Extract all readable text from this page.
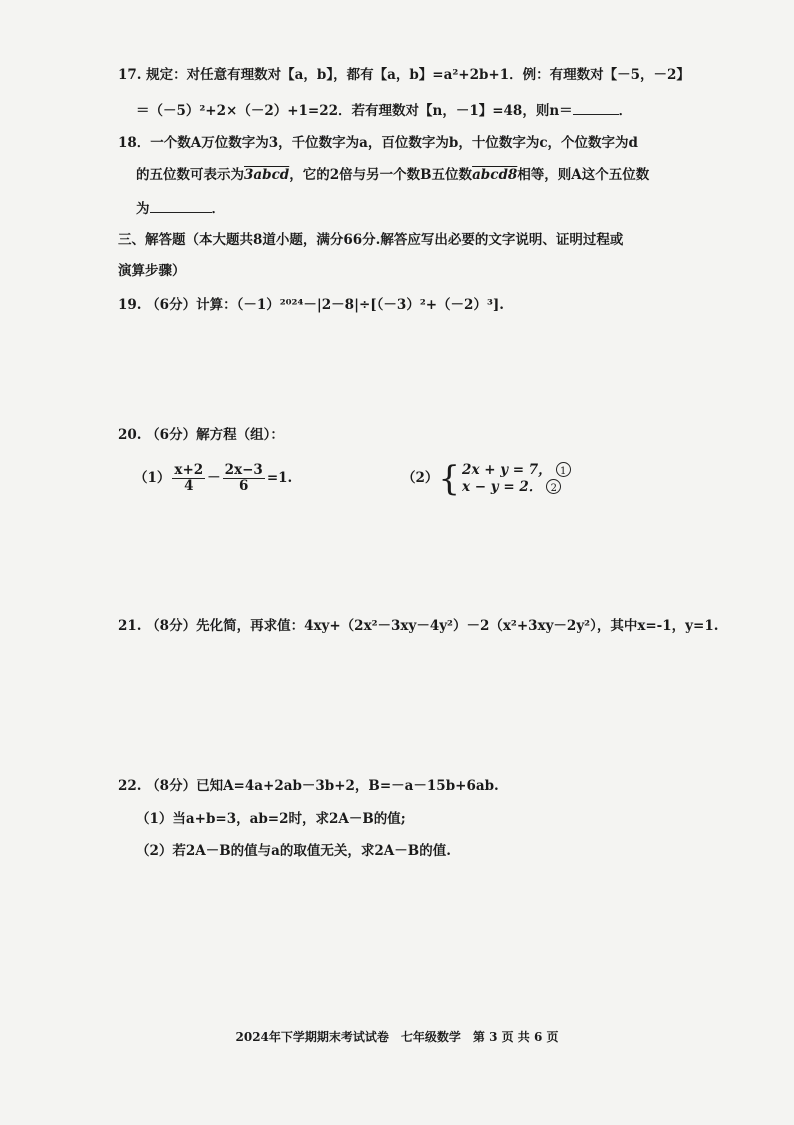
17. 规定：对任意有理数对【a，b】，都有【a，b】=a²+2b+1．例：有理数对【－5，－2】
＝（－5）²+2×（－2）+1=22．若有理数对【n，－1】=48，则n＝	．
18．一个数A万位数字为3，千位数字为a，百位数字为b，十位数字为c，个位数字为d
的五位数可表示为3abcd，它的2倍与另一个数B五位数abcd8相等，则A这个五位数
为	．
三、解答题（本大题共8道小题，满分66分.解答应写出必要的文字说明、证明过程或
演算步骤）
19. （6分）计算：（－1）²⁰²⁴－|2－8|÷[（－3）²+（－2）³].

20. （6分）解方程（组）：
$(1) \frac{x+2}{4} - \frac{2x-3}{6} =1$.	（2）{ 2x + y = 7， 1
x − y = 2． 2
21. （8分）先化简，再求值：4xy+（2x²－3xy－4y²）－2（x²+3xy－2y²），其中x=-1，y=1.
22. （8分）已知A=4a+2ab－3b+2，B=－a－15b+6ab.
（1）当a+b=3，ab=2时，求2A－B的值;
（2）若2A－B的值与a的取值无关，求2A－B的值.
2024年下学期期末考试试卷　七年级数学　第 3 页 共 6 页
